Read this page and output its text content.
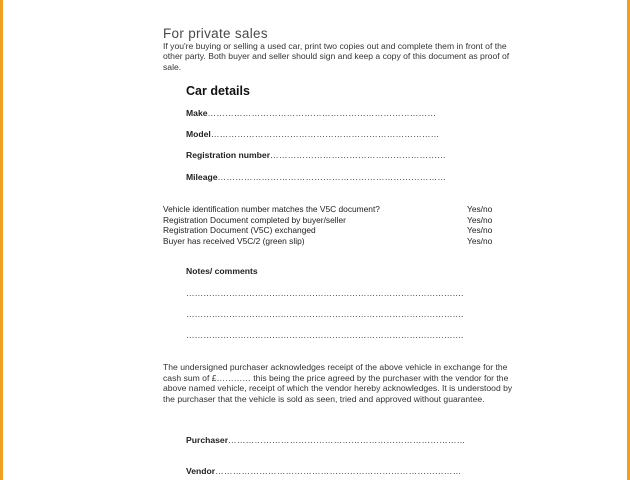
For private sales
If you're buying or selling a used car, print two copies out and complete them in front of the other party. Both buyer and seller should sign and keep a copy of this document as proof of sale.
Car details
Make……………………………………………………………………
Model……………………………………………………………………
Registration number……………………………………………………
Mileage……………………………………………………………………
Vehicle identification number matches the V5C document?	Yes/no
Registration Document completed by buyer/seller	Yes/no
Registration Document (V5C) exchanged	Yes/no
Buyer has received V5C/2 (green slip)	Yes/no
Notes/ comments
…………………………………………………………………………………….
…………………………………………………………………………………….
…………………………………………………………………………………….
The undersigned purchaser acknowledges receipt of the above vehicle in exchange for the cash sum of £………… this being the price agreed by the purchaser with the vendor for the above named vehicle, receipt of which the vendor hereby acknowledges. It is understood by the purchaser that the vehicle is sold as seen, tried and approved without guarantee.
Purchaser………………………………………………………………………
Vendor…………………………………………………………………………
